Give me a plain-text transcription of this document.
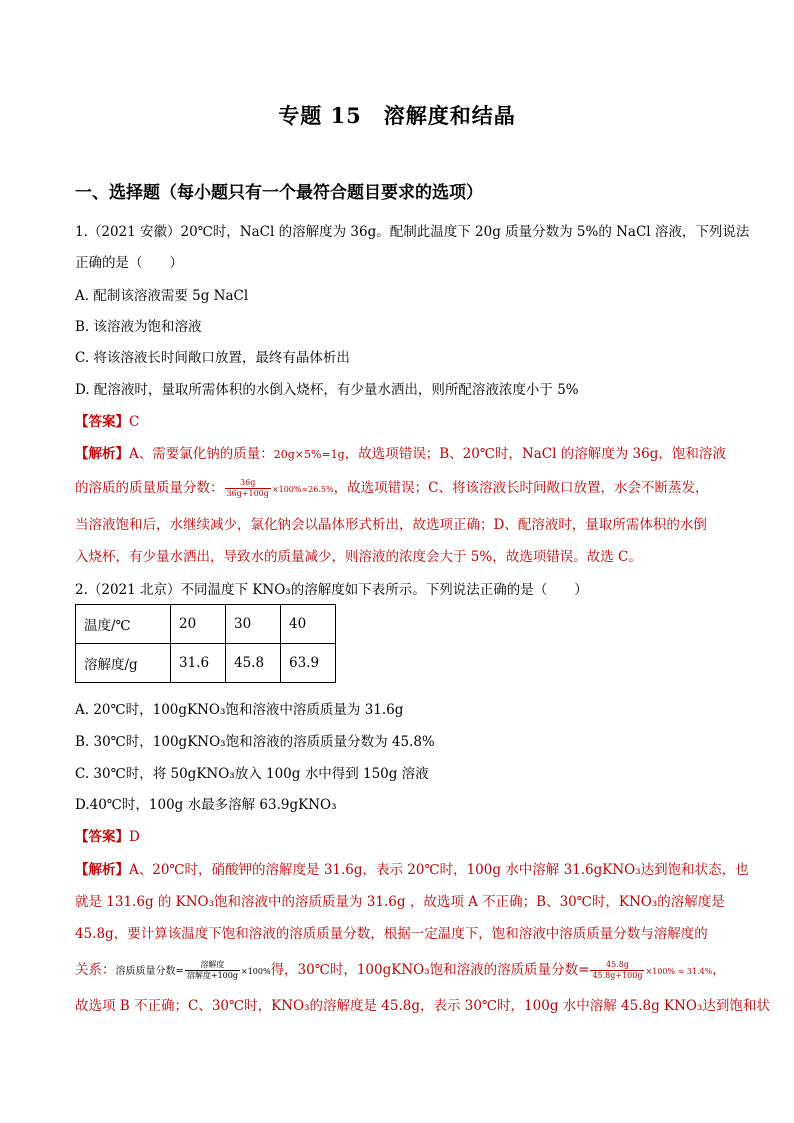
专题 15　溶解度和结晶
一、选择题（每小题只有一个最符合题目要求的选项）
1.（2021 安徽）20℃时，NaCl 的溶解度为 36g。配制此温度下 20g 质量分数为 5%的 NaCl 溶液，下列说法
正确的是（　　）
A. 配制该溶液需要 5g NaCl
B. 该溶液为饱和溶液
C. 将该溶液长时间敞口放置，最终有晶体析出
D. 配溶液时，量取所需体积的水倒入烧杯，有少量水洒出，则所配溶液浓度小于 5%
【答案】C
【解析】A、需要氯化钠的质量：20g×5%=1g，故选项错误；B、20℃时，NaCl 的溶解度为 36g，饱和溶液
的溶质的质量质量分数： $\frac{36g}{36g+100g} \times 100\%\approx 26.5\%$，故选项错误；C、将该溶液长时间敞口放置，水会不断蒸发，
当溶液饱和后，水继续减少，氯化钠会以晶体形式析出，故选项正确；D、配溶液时，量取所需体积的水倒
入烧杯，有少量水洒出，导致水的质量减少，则溶液的浓度会大于 5%，故选项错误。故选 C。
2.（2021 北京）不同温度下 KNO₃的溶解度如下表所示。下列说法正确的是（　　）
温度/℃	20	30	40
溶解度/g	31.6	45.8	63.9
A. 20℃时，100gKNO₃饱和溶液中溶质质量为 31.6g
B. 30℃时，100gKNO₃饱和溶液的溶质质量分数为 45.8%
C. 30℃时，将 50gKNO₃放入 100g 水中得到 150g 溶液
D.40℃时，100g 水最多溶解 63.9gKNO₃
【答案】D
【解析】A、20℃时，硝酸钾的溶解度是 31.6g，表示 20℃时，100g 水中溶解 31.6gKNO₃达到饱和状态，也
就是 131.6g 的 KNO₃饱和溶液中的溶质质量为 31.6g ，故选项 A 不正确；B、30℃时，KNO₃的溶解度是
45.8g，要计算该温度下饱和溶液的溶质质量分数，根据一定温度下，饱和溶液中溶质质量分数与溶解度的
关系：溶质质量分数= $\frac{\text{溶解度}}{\text{溶解度+100g}} \times 100\%$得，30℃时，100gKNO₃饱和溶液的溶质质量分数= $\frac{45.8g}{45.8g+100g} \times 100\% \approx 31.4\%$，
故选项 B 不正确；C、30℃时，KNO₃的溶解度是 45.8g，表示 30℃时，100g 水中溶解 45.8g KNO₃达到饱和状
